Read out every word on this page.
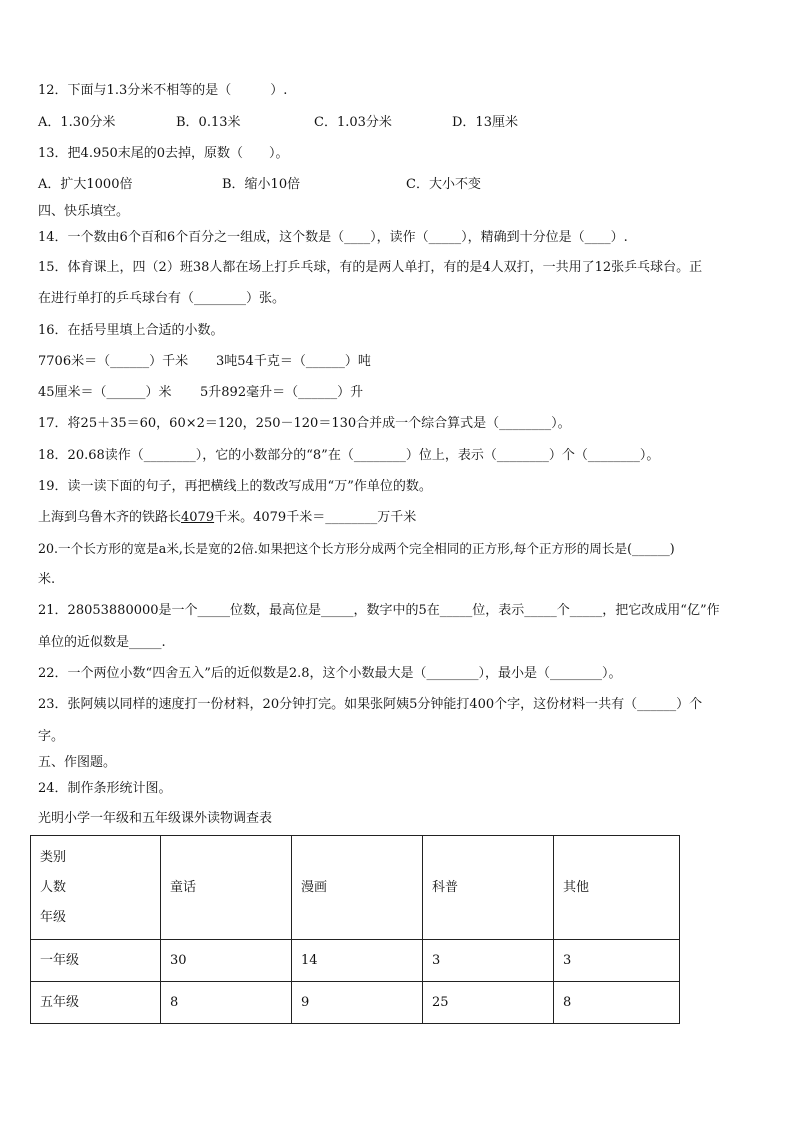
12．下面与1.3分米不相等的是（　　　）.
A．1.30分米	B．0.13米	C．1.03分米	D．13厘米
13．把4.950末尾的0去掉，原数（　　）。
A．扩大1000倍	B．缩小10倍	C．大小不变
四、快乐填空。
14．一个数由6个百和6个百分之一组成，这个数是（____），读作（_____），精确到十分位是（____）.
15．体育课上，四（2）班38人都在场上打乒乓球，有的是两人单打，有的是4人双打，一共用了12张乒乓球台。正
在进行单打的乒乓球台有（________）张。
16．在括号里填上合适的小数。
7706米＝（______）千米 3吨54千克＝（______）吨
45厘米＝（______）米 5升892毫升＝（______）升
17．将25＋35＝60，60×2＝120，250－120＝130合并成一个综合算式是（________）。
18．20.68读作（________），它的小数部分的“8”在（________）位上，表示（________）个（________）。
19．读一读下面的句子，再把横线上的数改写成用“万”作单位的数。
上海到乌鲁木齐的铁路长4079千米。4079千米＝________万千米
20.一个长方形的宽是a米,长是宽的2倍.如果把这个长方形分成两个完全相同的正方形,每个正方形的周长是(______)
米.
21．28053880000是一个_____位数，最高位是_____，数字中的5在_____位，表示_____个_____，把它改成用“亿”作
单位的近似数是_____.
22．一个两位小数“四舍五入”后的近似数是2.8，这个小数最大是（________），最小是（________）。
23．张阿姨以同样的速度打一份材料，20分钟打完。如果张阿姨5分钟能打400个字，这份材料一共有（______）个
字。
五、作图题。
24．制作条形统计图。
光明小学一年级和五年级课外读物调查表
类别
人数
年级	童话	漫画	科普	其他
一年级	30	14	3	3
五年级	8	9	25	8
